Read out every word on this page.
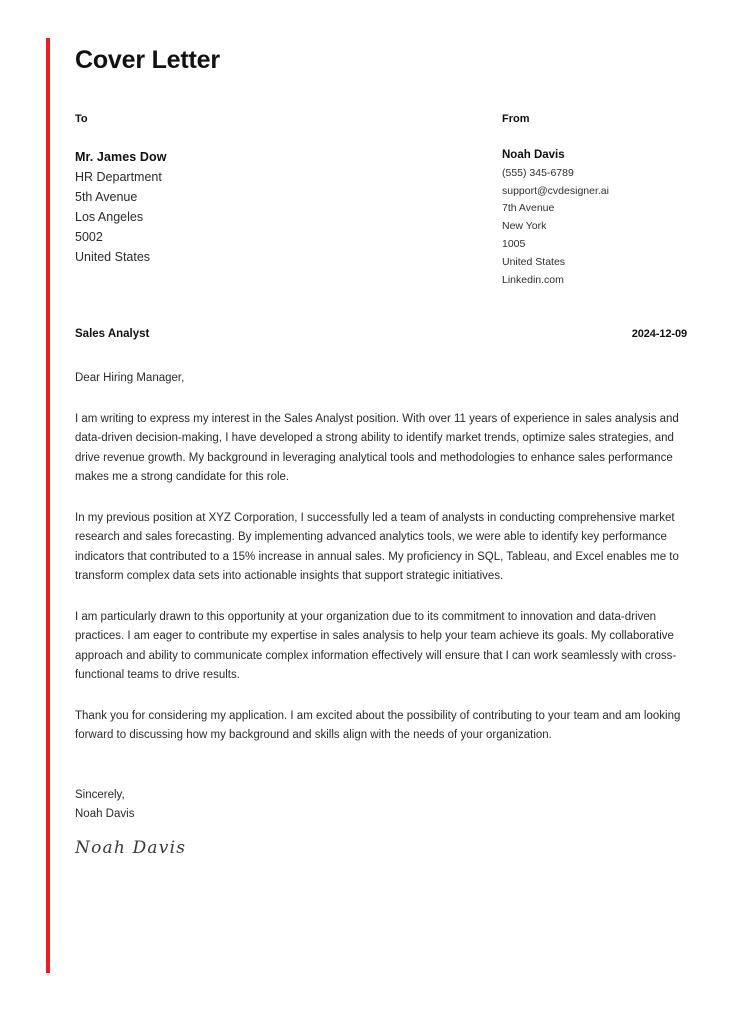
Cover Letter
To
Mr. James Dow
HR Department
5th Avenue
Los Angeles
5002
United States
From
Noah Davis
(555) 345-6789
support@cvdesigner.ai
7th Avenue
New York
1005
United States
Linkedin.com
Sales Analyst	2024-12-09
Dear Hiring Manager,

I am writing to express my interest in the Sales Analyst position. With over 11 years of experience in sales analysis and data-driven decision-making, I have developed a strong ability to identify market trends, optimize sales strategies, and drive revenue growth. My background in leveraging analytical tools and methodologies to enhance sales performance makes me a strong candidate for this role.

In my previous position at XYZ Corporation, I successfully led a team of analysts in conducting comprehensive market research and sales forecasting. By implementing advanced analytics tools, we were able to identify key performance indicators that contributed to a 15% increase in annual sales. My proficiency in SQL, Tableau, and Excel enables me to transform complex data sets into actionable insights that support strategic initiatives.

I am particularly drawn to this opportunity at your organization due to its commitment to innovation and data-driven practices. I am eager to contribute my expertise in sales analysis to help your team achieve its goals. My collaborative approach and ability to communicate complex information effectively will ensure that I can work seamlessly with cross-functional teams to drive results.

Thank you for considering my application. I am excited about the possibility of contributing to your team and am looking forward to discussing how my background and skills align with the needs of your organization.

Sincerely,
Noah Davis
Noah Davis
